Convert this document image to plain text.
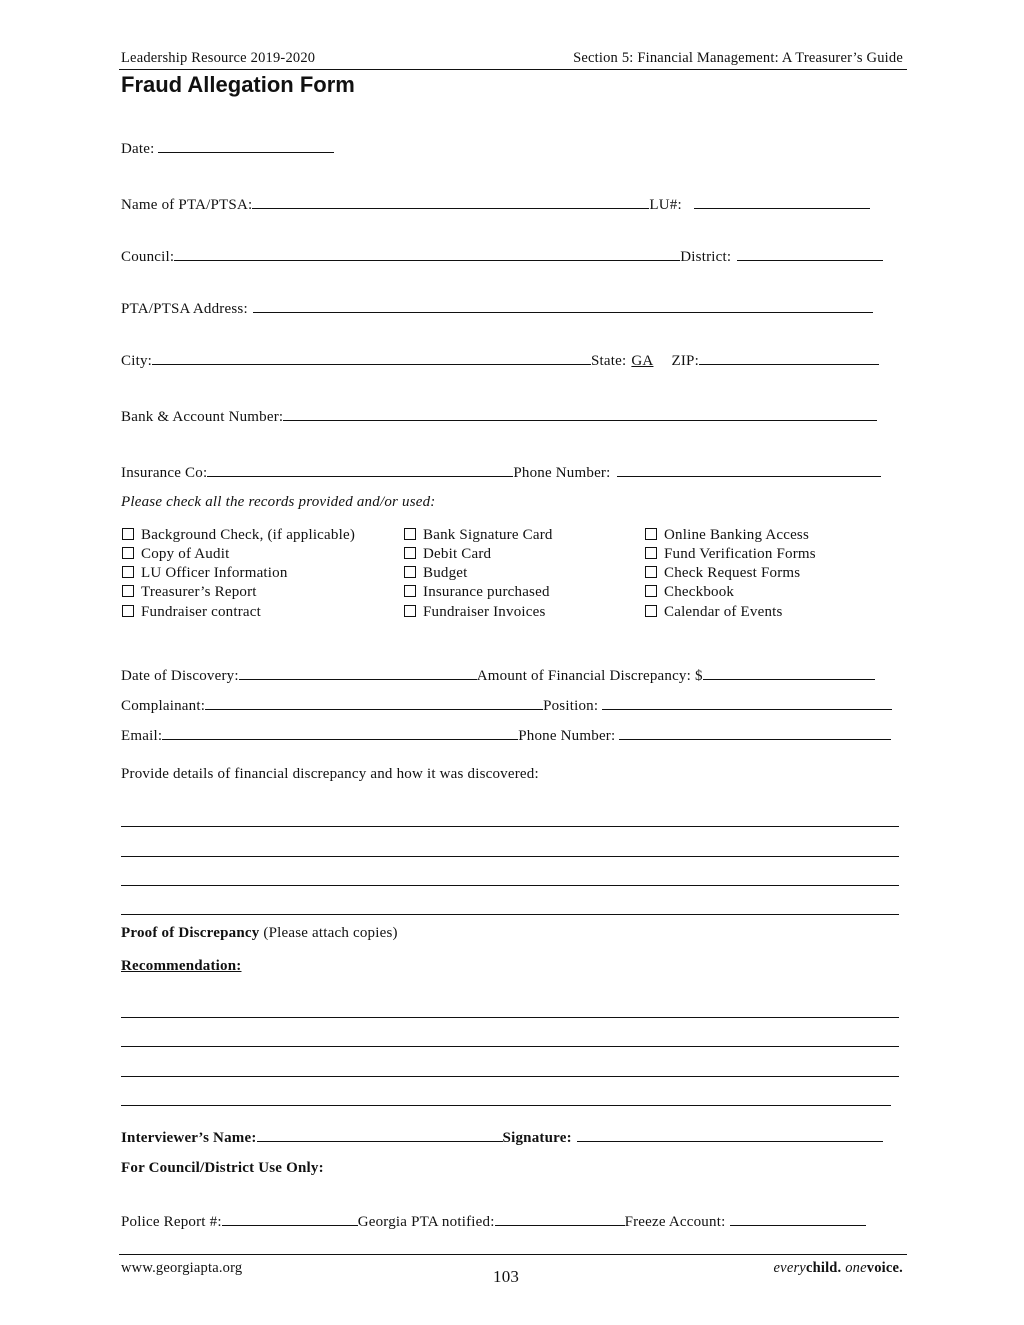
Leadership Resource 2019-2020	Section 5: Financial Management: A Treasurer’s Guide
Fraud Allegation Form
Date:
Name of PTA/PTSA:	LU#:
Council:	District:
PTA/PTSA Address:
City:	State: GA ZIP:
Bank & Account Number:
Insurance Co:	Phone Number:
Please check all the records provided and/or used:
Background Check, (if applicable)
Copy of Audit
LU Officer Information
Treasurer’s Report
Fundraiser contract
Bank Signature Card
Debit Card
Budget
Insurance purchased
Fundraiser Invoices
Online Banking Access
Fund Verification Forms
Check Request Forms
Checkbook
Calendar of Events
Date of Discovery:	Amount of Financial Discrepancy: $
Complainant:	Position:
Email:	Phone Number:
Provide details of financial discrepancy and how it was discovered:
Proof of Discrepancy (Please attach copies)
Recommendation:
Interviewer’s Name:	Signature:
For Council/District Use Only:
Police Report #:	Georgia PTA notified:	Freeze Account:
www.georgiapta.org	103	everychild. onevoice.
